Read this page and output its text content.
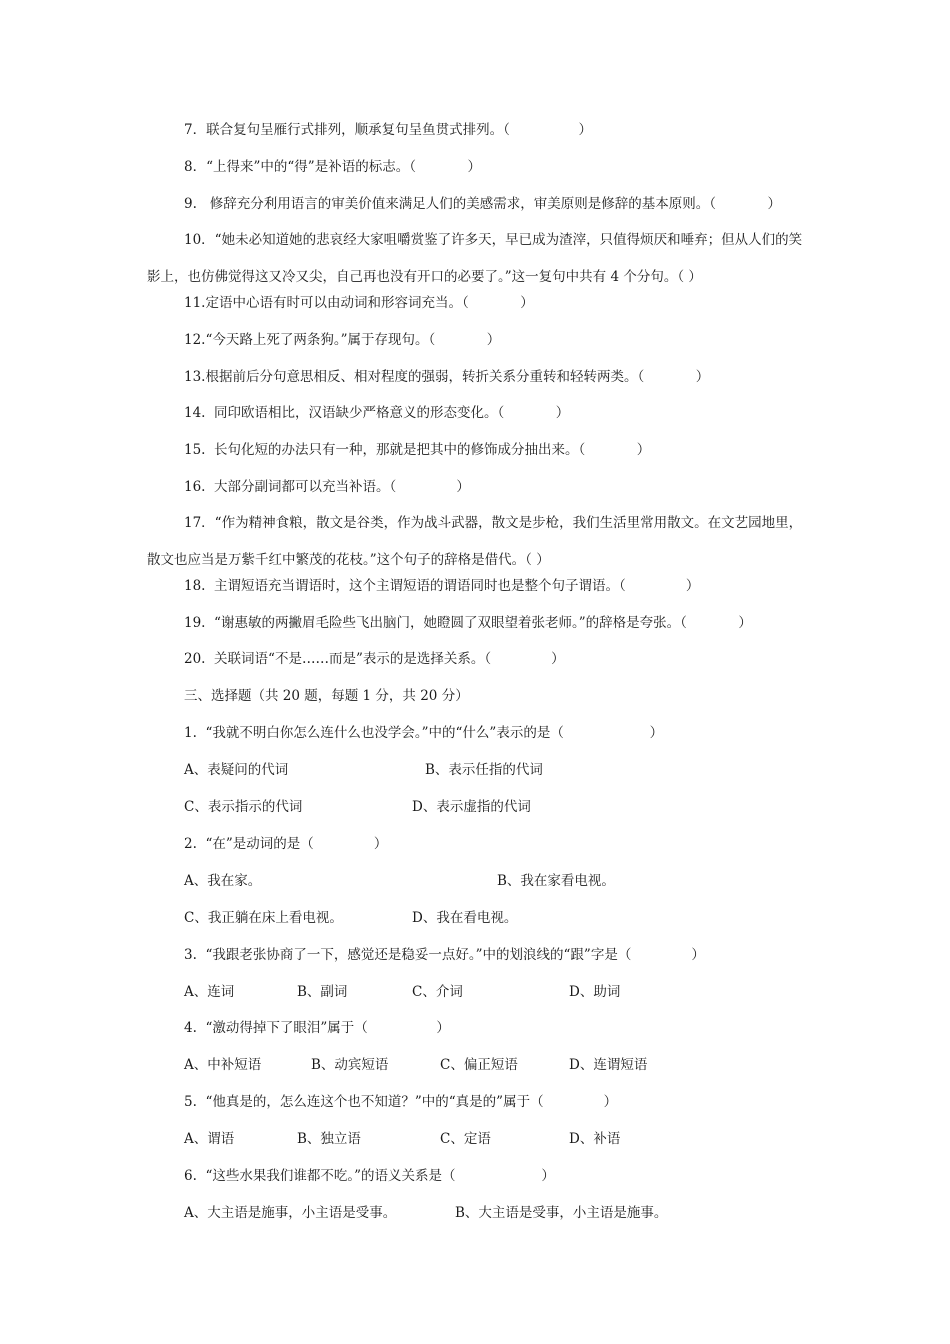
7．联合复句呈雁行式排列，顺承复句呈鱼贯式排列。（                ）
8．“上得来”中的“得”是补语的标志。（            ）
9.   修辞充分利用语言的审美价值来满足人们的美感需求，审美原则是修辞的基本原则。（            ）
10．“她未必知道她的悲哀经大家咀嚼赏鉴了许多天，早已成为渣滓，只值得烦厌和唾弃；但从人们的笑影上，也仿佛觉得这又冷又尖，自己再也没有开口的必要了。”这一复句中共有 4 个分句。（ ）
11.定语中心语有时可以由动词和形容词充当。（            ）
12.“今天路上死了两条狗。”属于存现句。（            ）
13.根据前后分句意思相反、相对程度的强弱，转折关系分重转和轻转两类。（            ）
14.  同印欧语相比，汉语缺少严格意义的形态变化。（            ）
15.  长句化短的办法只有一种，那就是把其中的修饰成分抽出来。（            ）
16.  大部分副词都可以充当补语。（              ）
17．“作为精神食粮，散文是谷类，作为战斗武器，散文是步枪，我们生活里常用散文。在文艺园地里，散文也应当是万紫千红中繁茂的花枝。”这个句子的辞格是借代。（ ）
18.  主谓短语充当谓语时，这个主谓短语的谓语同时也是整个句子谓语。（              ）
19.  “谢惠敏的两撇眉毛险些飞出脑门，她瞪圆了双眼望着张老师。”的辞格是夸张。（            ）
20.  关联词语“不是……而是”表示的是选择关系。（              ）
三、选择题（共 20 题，每题 1 分，共 20 分）
1.  “我就不明白你怎么连什么也没学会。”中的“什么”表示的是（                    ）
A、表疑问的代词	B、表示任指的代词
C、表示指示的代词	D、表示虚指的代词
2.  “在”是动词的是（              ）
A、我在家。	B、我在家看电视。
C、我正躺在床上看电视。	D、我在看电视。
3.  “我跟老张协商了一下，感觉还是稳妥一点好。”中的划浪线的“跟”字是（              ）
A、连词	B、副词	C、介词	D、助词
4.  “激动得掉下了眼泪”属于（                ）
A、中补短语	B、动宾短语	C、偏正短语	D、连谓短语
5.  “他真是的，怎么连这个也不知道？”中的“真是的”属于（              ）
A、谓语	B、独立语	C、定语	D、补语
6.  “这些水果我们谁都不吃。”的语义关系是（                    ）
A、大主语是施事，小主语是受事。	B、大主语是受事，小主语是施事。
